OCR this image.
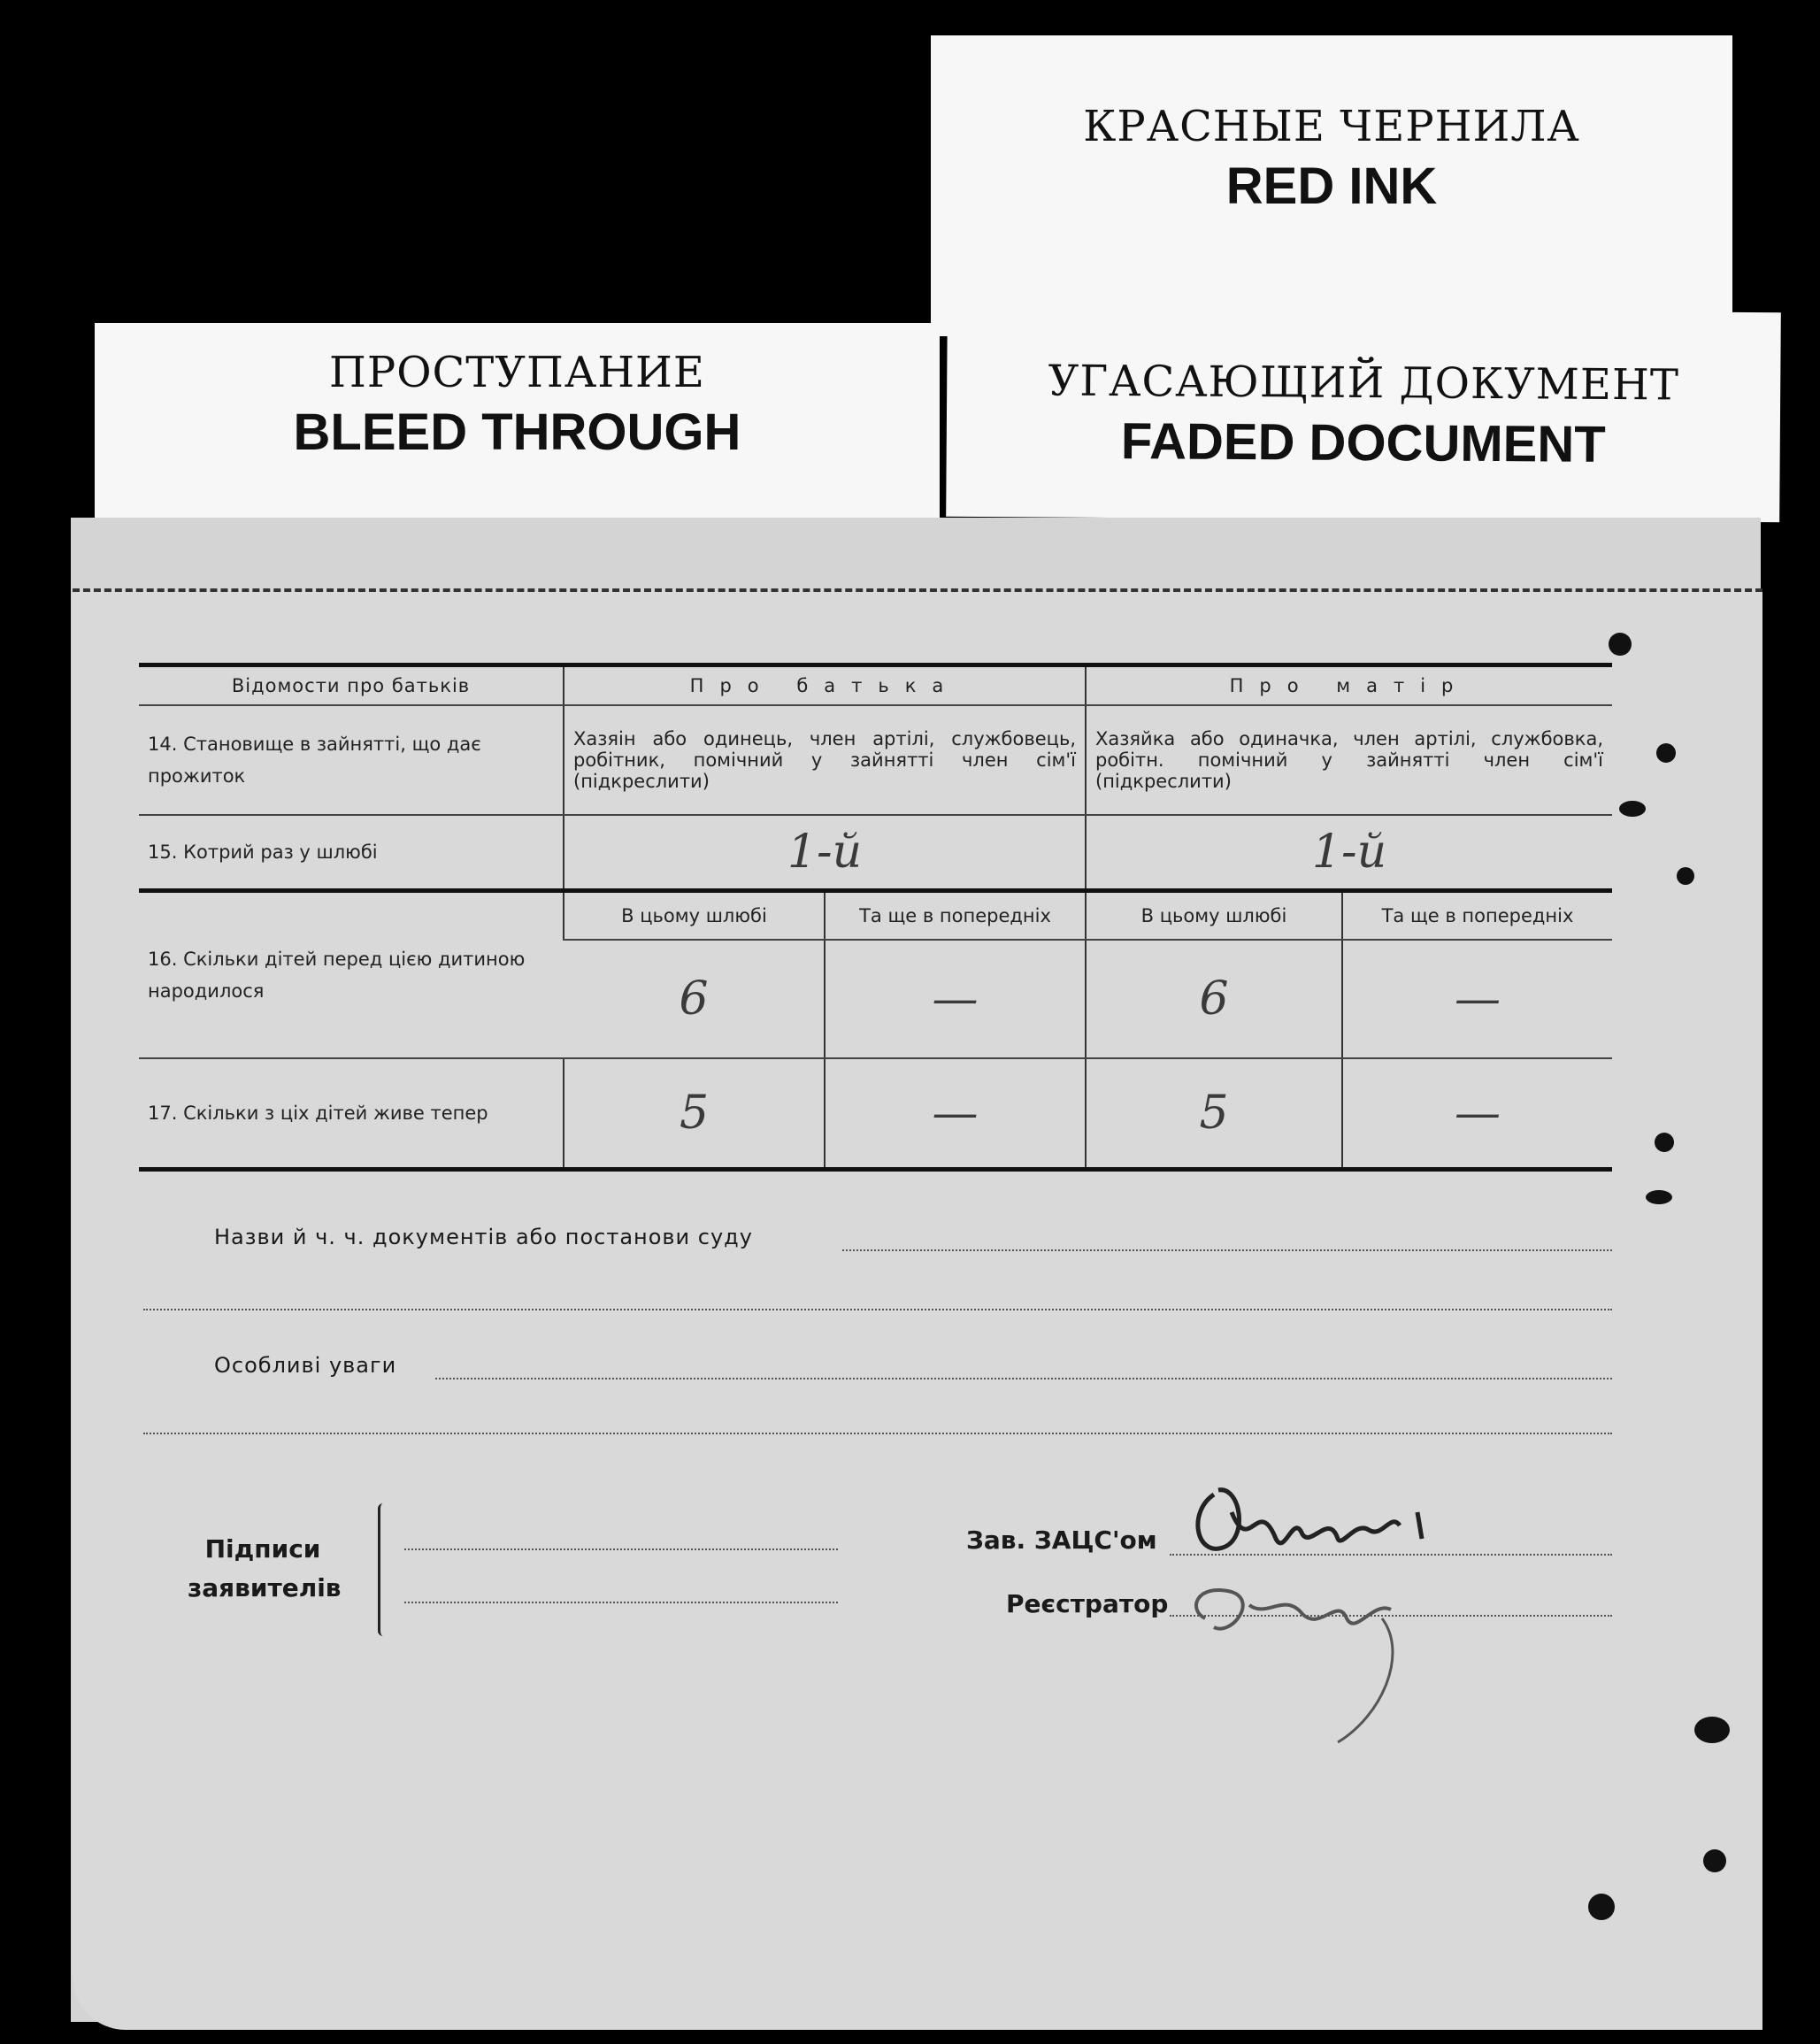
КРАСНЫЕ ЧЕРНИЛА
RED INK
ПРОСТУПАНИЕ
BLEED THROUGH
УГАСАЮЩИЙ ДОКУМЕНТ
FADED DOCUMENT
Відомости про батьків	Про батька		Про матір	
14. Становище в зайнятті, що дає прожиток	Хазяін або одинець, член артілі, службовець, робітник, помічний у зайнятті член сім'ї (підкреслити)		Хазяйка або одиначка, член артілі, службовка, робітн. помічний у зайнятті член сім'ї (підкреслити)	
15. Котрий раз у шлюбі	1-й		1-й	
16. Скільки дітей перед цією дитиною народилося	В цьому шлюбі	Та ще в попередніх	В цьому шлюбі	Та ще в попередніх
	6	—	6	—
17. Скільки з ціх дітей живе тепер	5	—	5	—
Назви й ч. ч. документів або постанови суду
Особливі уваги
Підписи
заявителів
Зав. ЗАЦС'ом
Реєстратор
